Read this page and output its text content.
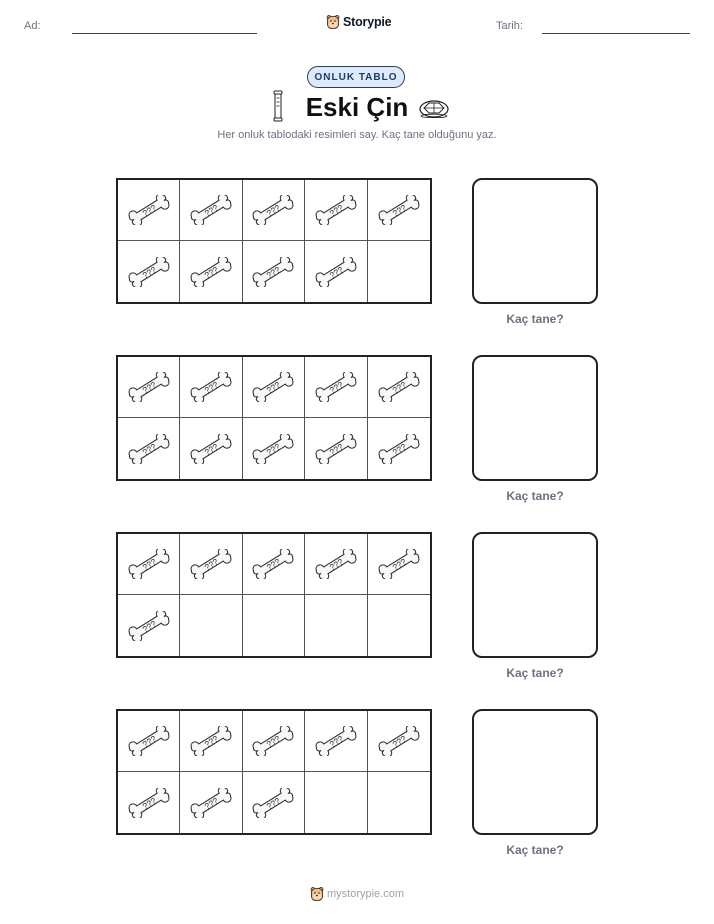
Ad:	Storypie	Tarih:
ONLUK TABLO
Eski Çin
Her onluk tablodaki resimleri say. Kaç tane olduğunu yaz.
???	???	???	???	???
???	???	???	???
Kaç tane?
???	???	???	???	???
???	???	???	???	???
Kaç tane?
???	???	???	???	???
???
Kaç tane?
???	???	???	???	???
???	???	???
Kaç tane?
mystorypie.com
